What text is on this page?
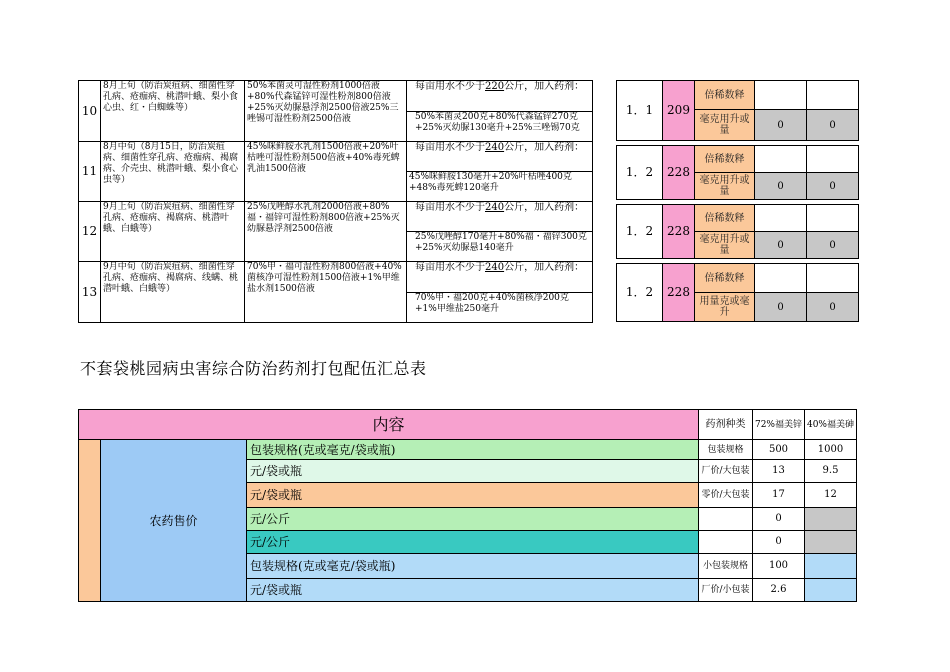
10	8月上旬（防治炭疽病、细菌性穿孔病、疮痂病、桃潜叶蛾、梨小食心虫、红・白蜘蛛等）	50%苯菌灵可湿性粉剂1000倍液+80%代森锰锌可湿性粉剂800倍液+25%灭幼脲悬浮剂2500倍液25%三唑锡可湿性粉剂2500倍液	每亩用水不少于220公斤，加入药剂：
			50%苯菌灵200克+80%代森锰锌270克+25%灭幼脲130毫升+25%三唑锡70克
11	8月中旬（8月15日，防治炭疽病、细菌性穿孔病、疮痂病、褐腐病、介壳虫、桃潜叶蛾、梨小食心虫等）	45%咪鲜胺水乳剂1500倍液+20%叶枯唑可湿性粉剂500倍液+40%毒死蜱乳油1500倍液	每亩用水不少于240公斤，加入药剂：
			45%咪鲜胺130毫升+20%叶枯唑400克+48%毒死蜱120毫升
12	9月上旬（防治炭疽病、细菌性穿孔病、疮痂病、褐腐病、桃潜叶蛾、白蛾等）	25%戊唑醇水乳剂2000倍液+80%福・福锌可湿性粉剂800倍液+25%灭幼脲悬浮剂2500倍液	每亩用水不少于240公斤，加入药剂：
			25%戊唑醇170毫升+80%福・福锌300克+25%灭幼脲悬140毫升
13	9月中旬（防治炭疽病、细菌性穿孔病、疮痂病、褐腐病、线螨、桃潜叶蛾、白蛾等）	70%甲・福可湿性粉剂800倍液+40%菌核净可湿性粉剂1500倍液+1%甲维盐水剂1500倍液	每亩用水不少于240公斤，加入药剂：
			70%甲・福200克+40%菌核净200克+1%甲维盐250毫升
1．1	209	倍稀数释		
		毫克用升或量	0	0

1．2	228	倍稀数释		
		毫克用升或量	0	0

1．2	228	倍稀数释		
		毫克用升或量	0	0

1．2	228	倍稀数释		
		用量克或毫升	0	0
不套袋桃园病虫害综合防治药剂打包配伍汇总表
内容			药剂种类	72%福美锌	40%福美砷
	农药售价	包装规格(克或毫克/袋或瓶)	包装规格	500	1000
		元/袋或瓶	厂价/大包装	13	9.5
		元/袋或瓶	零价/大包装	17	12
		元/公斤		0	
		元/公斤		0	
		包装规格(克或毫克/袋或瓶)	小包装规格	100	
		元/袋或瓶	厂价/小包装	2.6	
